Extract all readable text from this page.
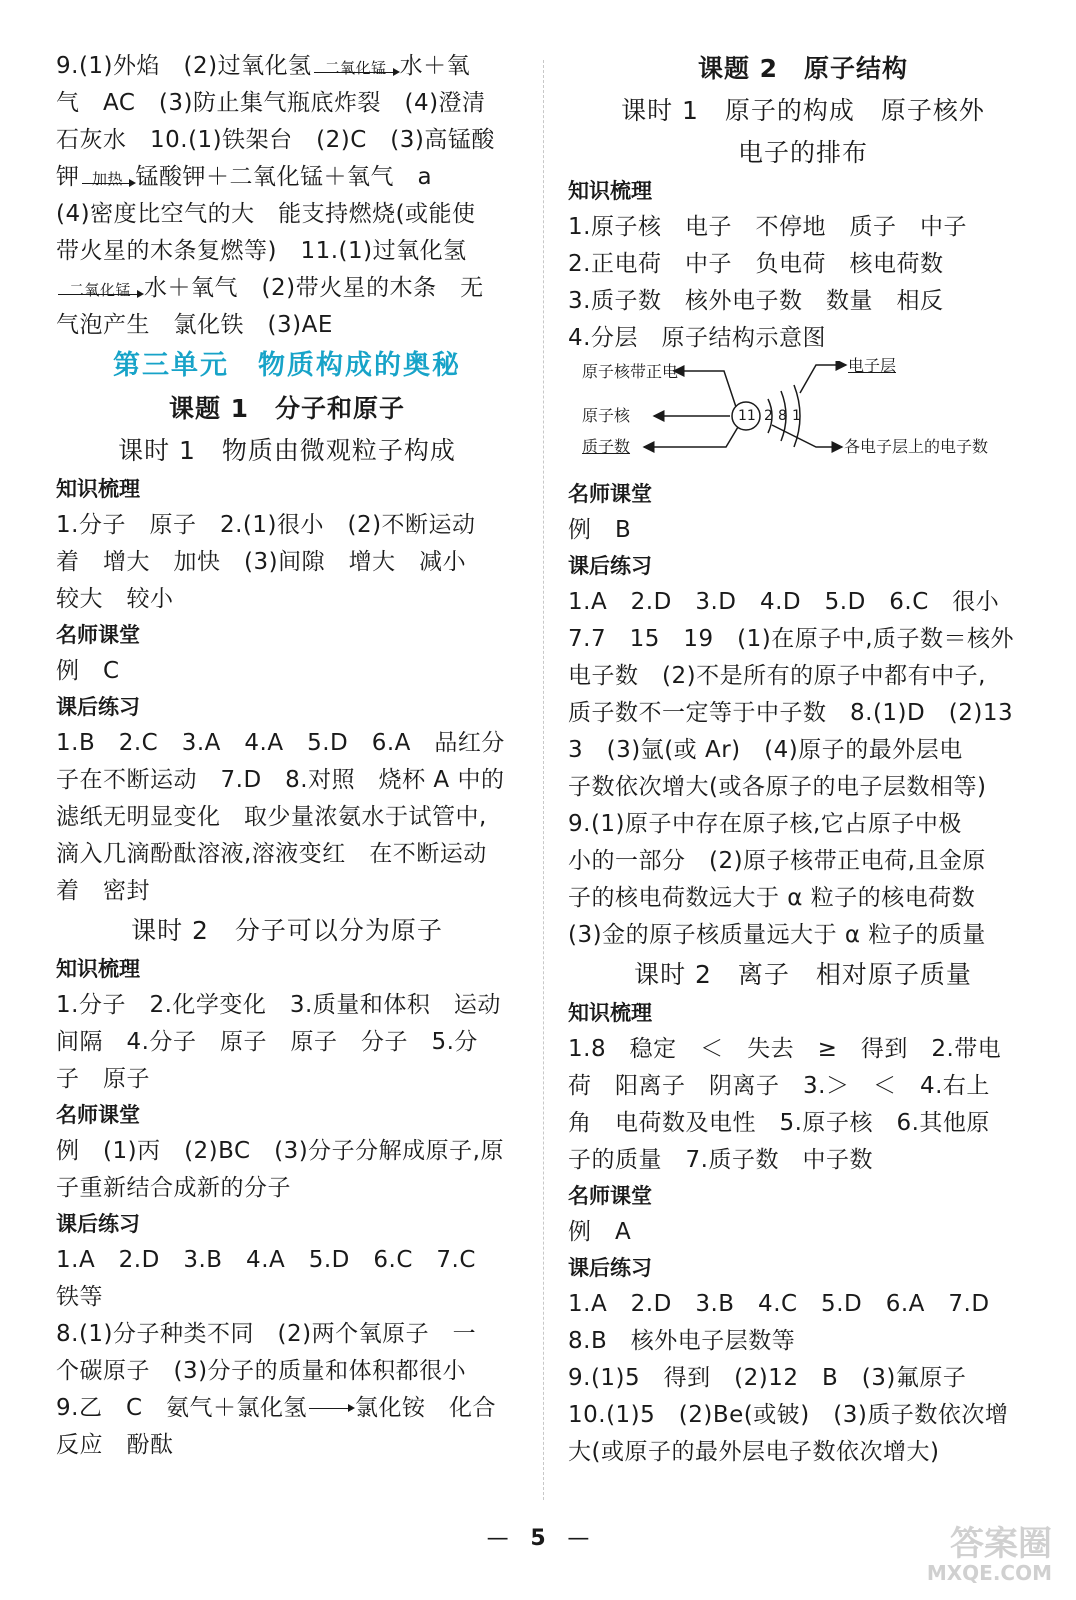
9.(1)外焰　(2)过氧化氢 二氧化锰 水＋氧
气　AC　(3)防止集气瓶底炸裂　(4)澄清
石灰水　10.(1)铁架台　(2)C　(3)高锰酸
钾 加热 锰酸钾＋二氧化锰＋氧气　a
(4)密度比空气的大　能支持燃烧(或能使
带火星的木条复燃等)　11.(1)过氧化氢
二氧化锰 水＋氧气　(2)带火星的木条　无
气泡产生　氯化铁　(3)AE
第三单元　物质构成的奥秘
课题 1　分子和原子
课时 1　物质由微观粒子构成
知识梳理
1.分子　原子　2.(1)很小　(2)不断运动
着　增大　加快　(3)间隙　增大　减小
较大　较小
名师课堂
例　C
课后练习
1.B　2.C　3.A　4.A　5.D　6.A　品红分
子在不断运动　7.D　8.对照　烧杯 A 中的
滤纸无明显变化　取少量浓氨水于试管中,
滴入几滴酚酞溶液,溶液变红　在不断运动
着　密封
课时 2　分子可以分为原子
知识梳理
1.分子　2.化学变化　3.质量和体积　运动
间隔　4.分子　原子　原子　分子　5.分
子　原子
名师课堂
例　(1)丙　(2)BC　(3)分子分解成原子,原
子重新结合成新的分子
课后练习
1.A　2.D　3.B　4.A　5.D　6.C　7.C
铁等
8.(1)分子种类不同　(2)两个氧原子　一
个碳原子　(3)分子的质量和体积都很小
9.乙　C　氨气＋氯化氢→氯化铵　化合
反应　酚酞
课题 2　原子结构
课时 1　原子的构成　原子核外
电子的排布
知识梳理
1.原子核　电子　不停地　质子　中子
2.正电荷　中子　负电荷　核电荷数
3.质子数　核外电子数　数量　相反
4.分层　原子结构示意图
原子核带正电
原子核
质子数
电子层
各电子层上的电子数
11 2 8 1
名师课堂
例　B
课后练习
1.A　2.D　3.D　4.D　5.D　6.C　很小
7.7　15　19　(1)在原子中,质子数＝核外
电子数　(2)不是所有的原子中都有中子,
质子数不一定等于中子数　8.(1)D　(2)13
3　(3)氩(或 Ar)　(4)原子的最外层电
子数依次增大(或各原子的电子层数相等)
9.(1)原子中存在原子核,它占原子中极
小的一部分　(2)原子核带正电荷,且金原
子的核电荷数远大于 α 粒子的核电荷数
(3)金的原子核质量远大于 α 粒子的质量
课时 2　离子　相对原子质量
知识梳理
1.8　稳定　＜　失去　≥　得到　2.带电
荷　阳离子　阴离子　3.＞　＜　4.右上
角　电荷数及电性　5.原子核　6.其他原
子的质量　7.质子数　中子数
名师课堂
例　A
课后练习
1.A　2.D　3.B　4.C　5.D　6.A　7.D
8.B　核外电子层数等
9.(1)5　得到　(2)12　B　(3)氟原子
10.(1)5　(2)Be(或铍)　(3)质子数依次增
大(或原子的最外层电子数依次增大)
— 5 —	答案圈
MXQE.COM
